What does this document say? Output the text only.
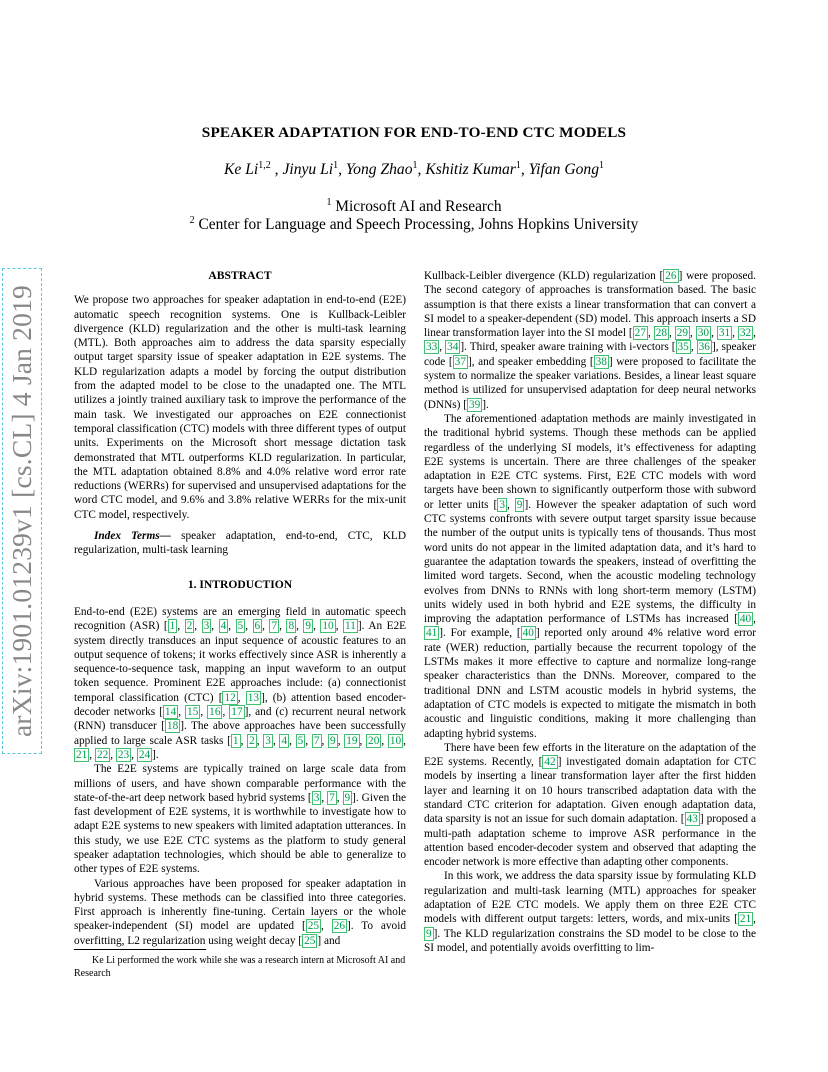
arXiv:1901.01239v1 [cs.CL] 4 Jan 2019
SPEAKER ADAPTATION FOR END-TO-END CTC MODELS
Ke Li$^{1,2}$ , Jinyu Li$^1$, Yong Zhao$^1$, Kshitiz Kumar$^1$, Yifan Gong$^1$
$^1$ Microsoft AI and Research
$^2$ Center for Language and Speech Processing, Johns Hopkins University

ABSTRACT

We propose two approaches for speaker adaptation in end-to-end (E2E) automatic speech recognition systems. One is Kullback-Leibler divergence (KLD) regularization and the other is multi-task learning (MTL). Both approaches aim to address the data sparsity especially output target sparsity issue of speaker adaptation in E2E systems. The KLD regularization adapts a model by forcing the output distribution from the adapted model to be close to the unadapted one. The MTL utilizes a jointly trained auxiliary task to improve the performance of the main task. We investigated our approaches on E2E connectionist temporal classification (CTC) models with three different types of output units. Experiments on the Microsoft short message dictation task demonstrated that MTL outperforms KLD regularization. In particular, the MTL adaptation obtained 8.8% and 4.0% relative word error rate reductions (WERRs) for supervised and unsupervised adaptations for the word CTC model, and 9.6% and 3.8% relative WERRs for the mix-unit CTC model, respectively.

Index Terms— speaker adaptation, end-to-end, CTC, KLD regularization, multi-task learning

1. INTRODUCTION

End-to-end (E2E) systems are an emerging field in automatic speech recognition (ASR) [ 1 , 2 , 3 , 4 , 5 , 6 , 7 , 8 , 9 , 10 , 11 ]. An E2E system directly transduces an input sequence of acoustic features to an output sequence of tokens; it works effectively since ASR is inherently a sequence-to-sequence task, mapping an input waveform to an output token sequence. Prominent E2E approaches include: (a) connectionist temporal classification (CTC) [ 12 , 13 ], (b) attention based encoder-decoder networks [ 14 , 15 , 16 , 17 ], and (c) recurrent neural network (RNN) transducer [ 18 ]. The above approaches have been successfully applied to large scale ASR tasks [ 1 , 2 , 3 , 4 , 5 , 7 , 9 , 19 , 20 , 10 , 21 , 22 , 23 , 24 ].

The E2E systems are typically trained on large scale data from millions of users, and have shown comparable performance with the state-of-the-art deep network based hybrid systems [ 3 , 7 , 9 ]. Given the fast development of E2E systems, it is worthwhile to investigate how to adapt E2E systems to new speakers with limited adaptation utterances. In this study, we use E2E CTC systems as the platform to study general speaker adaptation technologies, which should be able to generalize to other types of E2E systems.

Various approaches have been proposed for speaker adaptation in hybrid systems. These methods can be classified into three categories. First approach is inherently fine-tuning. Certain layers or the whole speaker-independent (SI) model are updated [ 25 , 26 ]. To avoid overfitting, L2 regularization using weight decay [ 25 ] and

Ke Li performed the work while she was a research intern at Microsoft AI and Research

Kullback-Leibler divergence (KLD) regularization [ 26 ] were proposed. The second category of approaches is transformation based. The basic assumption is that there exists a linear transformation that can convert a SI model to a speaker-dependent (SD) model. This approach inserts a SD linear transformation layer into the SI model [ 27 , 28 , 29 , 30 , 31 , 32 , 33 , 34 ]. Third, speaker aware training with i-vectors [ 35 , 36 ], speaker code [ 37 ], and speaker embedding [ 38 ] were proposed to facilitate the system to normalize the speaker variations. Besides, a linear least square method is utilized for unsupervised adaptation for deep neural networks (DNNs) [ 39 ].

The aforementioned adaptation methods are mainly investigated in the traditional hybrid systems. Though these methods can be applied regardless of the underlying SI models, it’s effectiveness for adapting E2E systems is uncertain. There are three challenges of the speaker adaptation in E2E CTC systems. First, E2E CTC models with word targets have been shown to significantly outperform those with subword or letter units [ 3 , 9 ]. However the speaker adaptation of such word CTC systems confronts with severe output target sparsity issue because the number of the output units is typically tens of thousands. Thus most word units do not appear in the limited adaptation data, and it’s hard to guarantee the adaptation towards the speakers, instead of overfitting the limited word targets. Second, when the acoustic modeling technology evolves from DNNs to RNNs with long short-term memory (LSTM) units widely used in both hybrid and E2E systems, the difficulty in improving the adaptation performance of LSTMs has increased [ 40 , 41 ]. For example, [ 40 ] reported only around 4% relative word error rate (WER) reduction, partially because the recurrent topology of the LSTMs makes it more effective to capture and normalize long-range speaker characteristics than the DNNs. Moreover, compared to the traditional DNN and LSTM acoustic models in hybrid systems, the adaptation of CTC models is expected to mitigate the mismatch in both acoustic and linguistic conditions, making it more challenging than adapting hybrid systems.

There have been few efforts in the literature on the adaptation of the E2E systems. Recently, [ 42 ] investigated domain adaptation for CTC models by inserting a linear transformation layer after the first hidden layer and learning it on 10 hours transcribed adaptation data with the standard CTC criterion for adaptation. Given enough adaptation data, data sparsity is not an issue for such domain adaptation. [ 43 ] proposed a multi-path adaptation scheme to improve ASR performance in the attention based encoder-decoder system and observed that adapting the encoder network is more effective than adapting other components.

In this work, we address the data sparsity issue by formulating KLD regularization and multi-task learning (MTL) approaches for speaker adaptation of E2E CTC models. We apply them on three E2E CTC models with different output targets: letters, words, and mix-units [ 21 , 9 ]. The KLD regularization constrains the SD model to be close to the SI model, and potentially avoids overfitting to lim-
